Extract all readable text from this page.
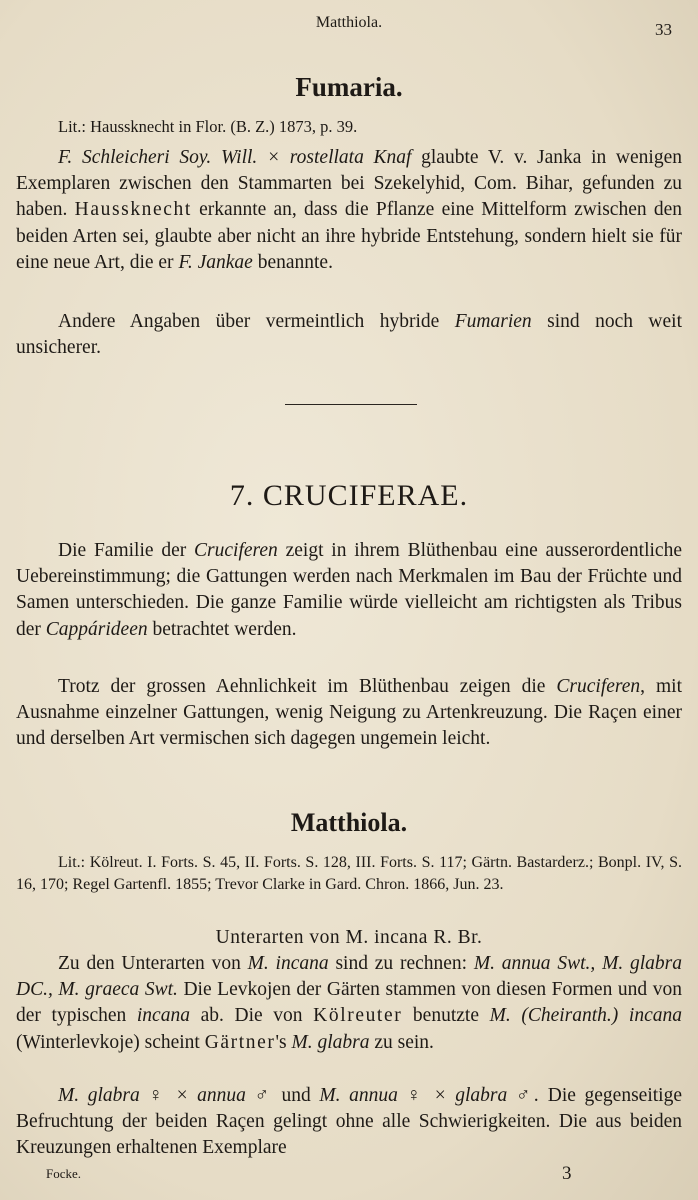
Matthiola.	33
Fumaria.
Lit.: Haussknecht in Flor. (B. Z.) 1873, p. 39.
F. Schleicheri Soy. Will. × rostellata Knaf glaubte V. v. Janka in wenigen Exemplaren zwischen den Stammarten bei Szekelyhid, Com. Bihar, gefunden zu haben. Haussknecht erkannte an, dass die Pflanze eine Mittelform zwischen den beiden Arten sei, glaubte aber nicht an ihre hybride Entstehung, sondern hielt sie für eine neue Art, die er F. Jankae benannte.
Andere Angaben über vermeintlich hybride Fumarien sind noch weit unsicherer.
7. CRUCIFERAE.
Die Familie der Cruciferen zeigt in ihrem Blüthenbau eine ausserordentliche Uebereinstimmung; die Gattungen werden nach Merkmalen im Bau der Früchte und Samen unterschieden. Die ganze Familie würde vielleicht am richtigsten als Tribus der Cappárideen betrachtet werden.
Trotz der grossen Aehnlichkeit im Blüthenbau zeigen die Cruciferen, mit Ausnahme einzelner Gattungen, wenig Neigung zu Artenkreuzung. Die Raçen einer und derselben Art vermischen sich dagegen ungemein leicht.
Matthiola.
Lit.: Kölreut. I. Forts. S. 45, II. Forts. S. 128, III. Forts. S. 117; Gärtn. Bastarderz.; Bonpl. IV, S. 16, 170; Regel Gartenfl. 1855; Trevor Clarke in Gard. Chron. 1866, Jun. 23.
Unterarten von M. incana R. Br.
Zu den Unterarten von M. incana sind zu rechnen: M. annua Swt., M. glabra DC., M. graeca Swt. Die Levkojen der Gärten stammen von diesen Formen und von der typischen incana ab. Die von Kölreuter benutzte M. (Cheiranth.) incana (Winterlevkoje) scheint Gärtner's M. glabra zu sein.
M. glabra ♀ × annua ♂ und M. annua ♀ × glabra ♂. Die gegenseitige Befruchtung der beiden Raçen gelingt ohne alle Schwierigkeiten. Die aus beiden Kreuzungen erhaltenen Exemplare
Focke.	3
